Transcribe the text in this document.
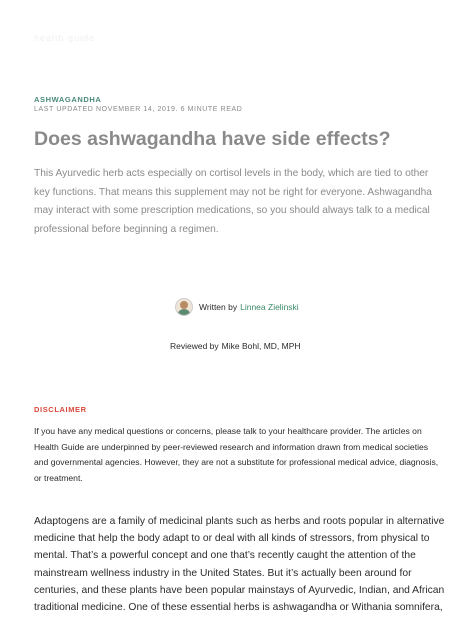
health guide
ASHWAGANDHA
LAST UPDATED NOVEMBER 14, 2019. 6 MINUTE READ
Does ashwagandha have side effects?

This Ayurvedic herb acts especially on cortisol levels in the body, which are tied to other key functions. That means this supplement may not be right for everyone. Ashwagandha may interact with some prescription medications, so you should always talk to a medical professional before beginning a regimen.

Written by Linnea Zielinski
Reviewed by Mike Bohl, MD, MPH
DISCLAIMER

If you have any medical questions or concerns, please talk to your healthcare provider. The articles on Health Guide are underpinned by peer-reviewed research and information drawn from medical societies and governmental agencies. However, they are not a substitute for professional medical advice, diagnosis, or treatment.

Adaptogens are a family of medicinal plants such as herbs and roots popular in alternative medicine that help the body adapt to or deal with all kinds of stressors, from physical to mental. That’s a powerful concept and one that’s recently caught the attention of the mainstream wellness industry in the United States. But it’s actually been around for centuries, and these plants have been popular mainstays of Ayurvedic, Indian, and African traditional medicine. One of these essential herbs is ashwagandha or Withania somnifera,
